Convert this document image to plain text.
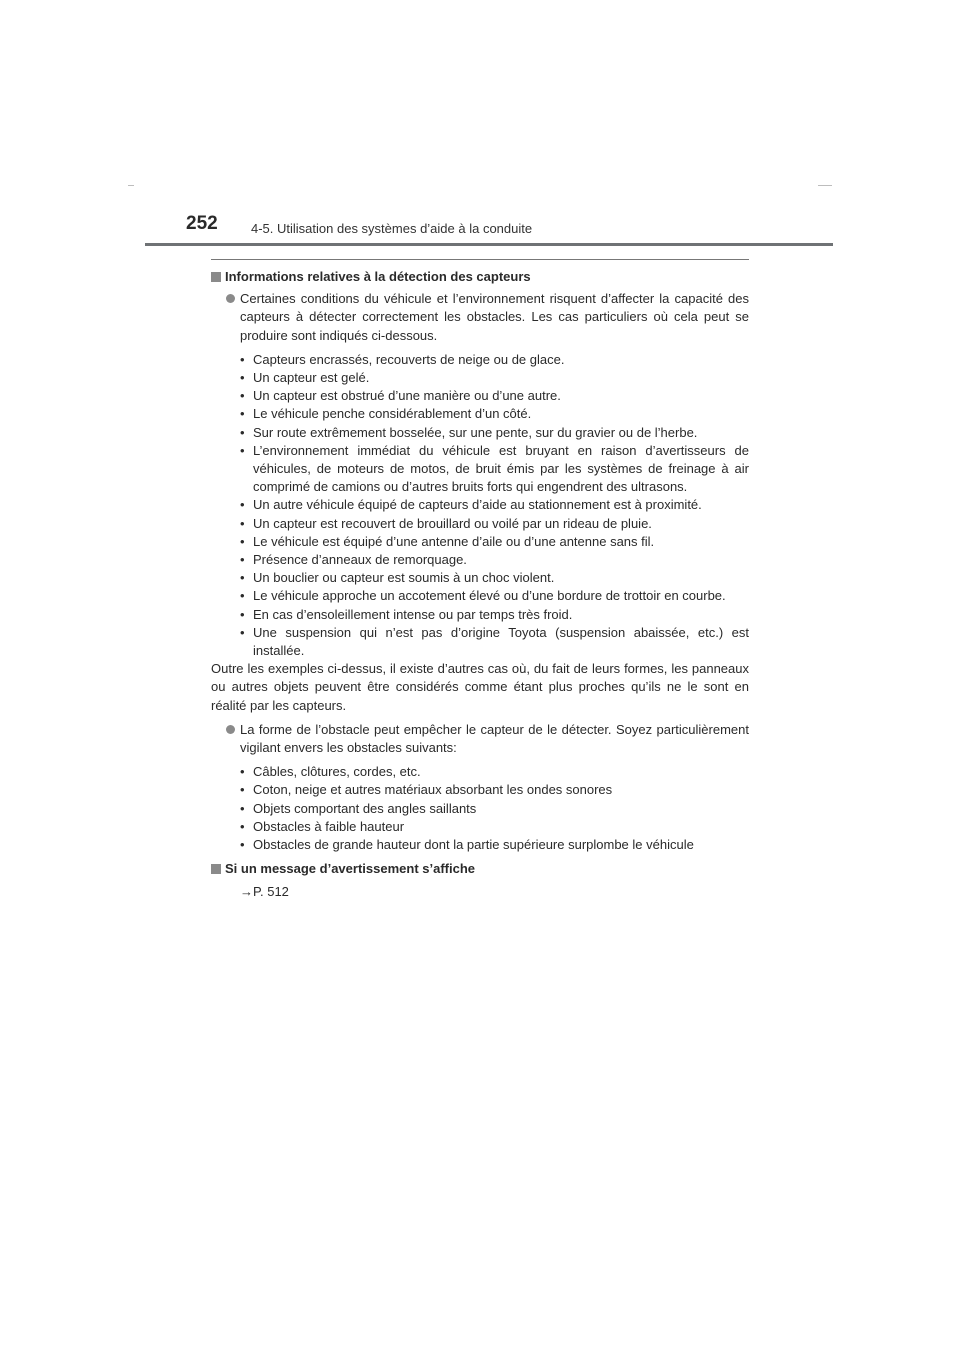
252	4-5. Utilisation des systèmes d’aide à la conduite
Informations relatives à la détection des capteurs
Certaines conditions du véhicule et l’environnement risquent d’affecter la capacité des capteurs à détecter correctement les obstacles. Les cas particuliers où cela peut se produire sont indiqués ci-dessous.
• Capteurs encrassés, recouverts de neige ou de glace.
• Un capteur est gelé.
• Un capteur est obstrué d’une manière ou d’une autre.
• Le véhicule penche considérablement d’un côté.
• Sur route extrêmement bosselée, sur une pente, sur du gravier ou de l’herbe.
• L’environnement immédiat du véhicule est bruyant en raison d’avertisseurs de véhicules, de moteurs de motos, de bruit émis par les systèmes de freinage à air comprimé de camions ou d’autres bruits forts qui engendrent des ultrasons.
• Un autre véhicule équipé de capteurs d’aide au stationnement est à proximité.
• Un capteur est recouvert de brouillard ou voilé par un rideau de pluie.
• Le véhicule est équipé d’une antenne d’aile ou d’une antenne sans fil.
• Présence d’anneaux de remorquage.
• Un bouclier ou capteur est soumis à un choc violent.
• Le véhicule approche un accotement élevé ou d’une bordure de trottoir en courbe.
• En cas d’ensoleillement intense ou par temps très froid.
• Une suspension qui n’est pas d’origine Toyota (suspension abaissée, etc.) est installée.

Outre les exemples ci-dessus, il existe d’autres cas où, du fait de leurs formes, les panneaux ou autres objets peuvent être considérés comme étant plus proches qu’ils ne le sont en réalité par les capteurs.

La forme de l’obstacle peut empêcher le capteur de le détecter. Soyez particulièrement vigilant envers les obstacles suivants:
• Câbles, clôtures, cordes, etc.
• Coton, neige et autres matériaux absorbant les ondes sonores
• Objets comportant des angles saillants
• Obstacles à faible hauteur
• Obstacles de grande hauteur dont la partie supérieure surplombe le véhicule
Si un message d’avertissement s’affiche
→P. 512
